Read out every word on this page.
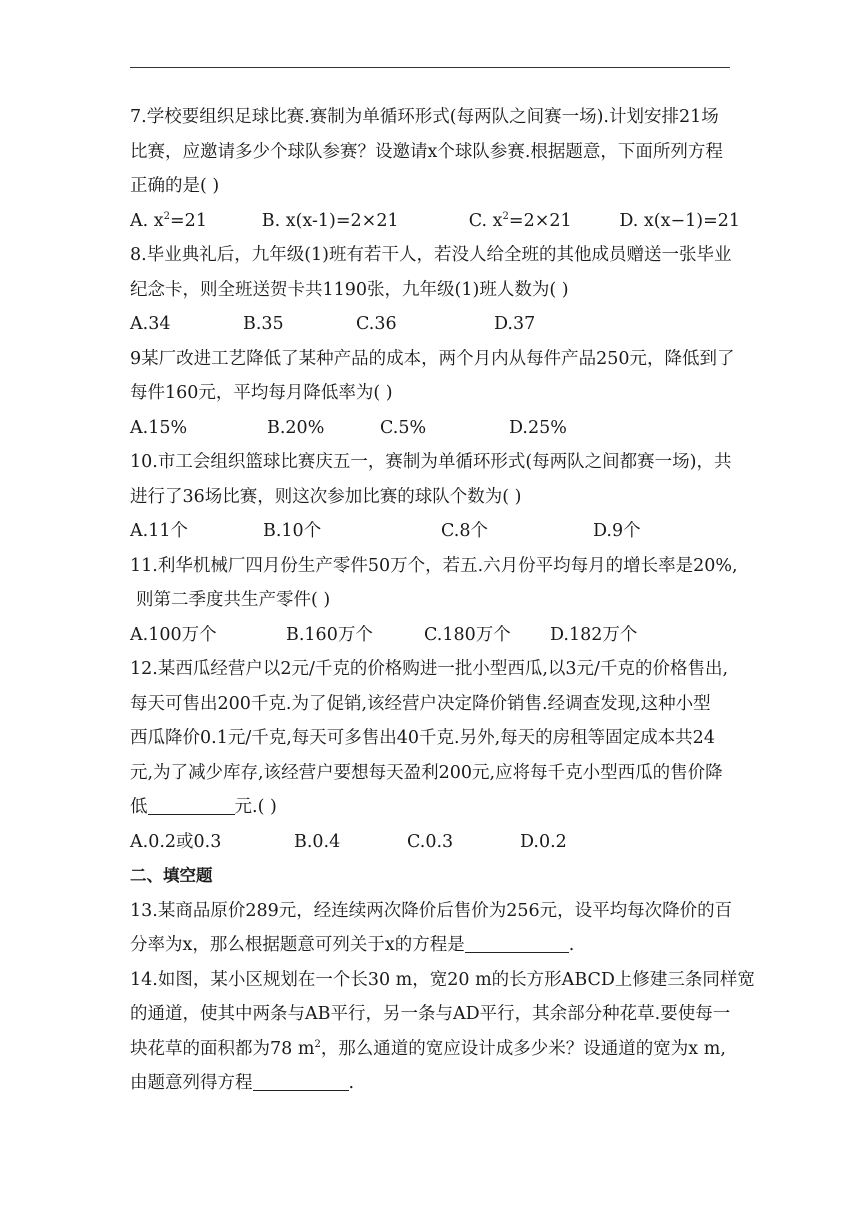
7.学校要组织足球比赛.赛制为单循环形式(每两队之间赛一场).计划安排21场
比赛，应邀请多少个球队参赛？设邀请x个球队参赛.根据题意，下面所列方程
正确的是( )
A. $x^2=21$	B. x(x-1)=2×21	C. $x^2=2\times 21$	D. x(x−1)=21
8.毕业典礼后，九年级(1)班有若干人，若没人给全班的其他成员赠送一张毕业
纪念卡，则全班送贺卡共1190张，九年级(1)班人数为( )
A.34	B.35	C.36	D.37
9某厂改进工艺降低了某种产品的成本，两个月内从每件产品250元，降低到了
每件160元，平均每月降低率为( )
A.15%	B.20%	C.5%	D.25%
10.市工会组织篮球比赛庆五一，赛制为单循环形式(每两队之间都赛一场)，共
进行了36场比赛，则这次参加比赛的球队个数为( )
A.11个	B.10个	C.8个	D.9个
11.利华机械厂四月份生产零件50万个，若五.六月份平均每月的增长率是20%,
则第二季度共生产零件( )
A.100万个	B.160万个	C.180万个	D.182万个
12.某西瓜经营户以2元/千克的价格购进一批小型西瓜,以3元/千克的价格售出,
每天可售出200千克.为了促销,该经营户决定降价销售.经调查发现,这种小型
西瓜降价0.1元/千克,每天可多售出40千克.另外,每天的房租等固定成本共24
元,为了减少库存,该经营户要想每天盈利200元,应将每千克小型西瓜的售价降
低	元.( )
A.0.2或0.3	B.0.4	C.0.3	D.0.2
二、填空题
13.某商品原价289元，经连续两次降价后售价为256元，设平均每次降价的百
分率为x，那么根据题意可列关于x的方程是	.
14.如图，某小区规划在一个长30 m，宽20 m的长方形ABCD上修建三条同样宽
的通道，使其中两条与AB平行，另一条与AD平行，其余部分种花草.要使每一
块花草的面积都为78 $m^2$，那么通道的宽应设计成多少米？设通道的宽为x m,
由题意列得方程	.
